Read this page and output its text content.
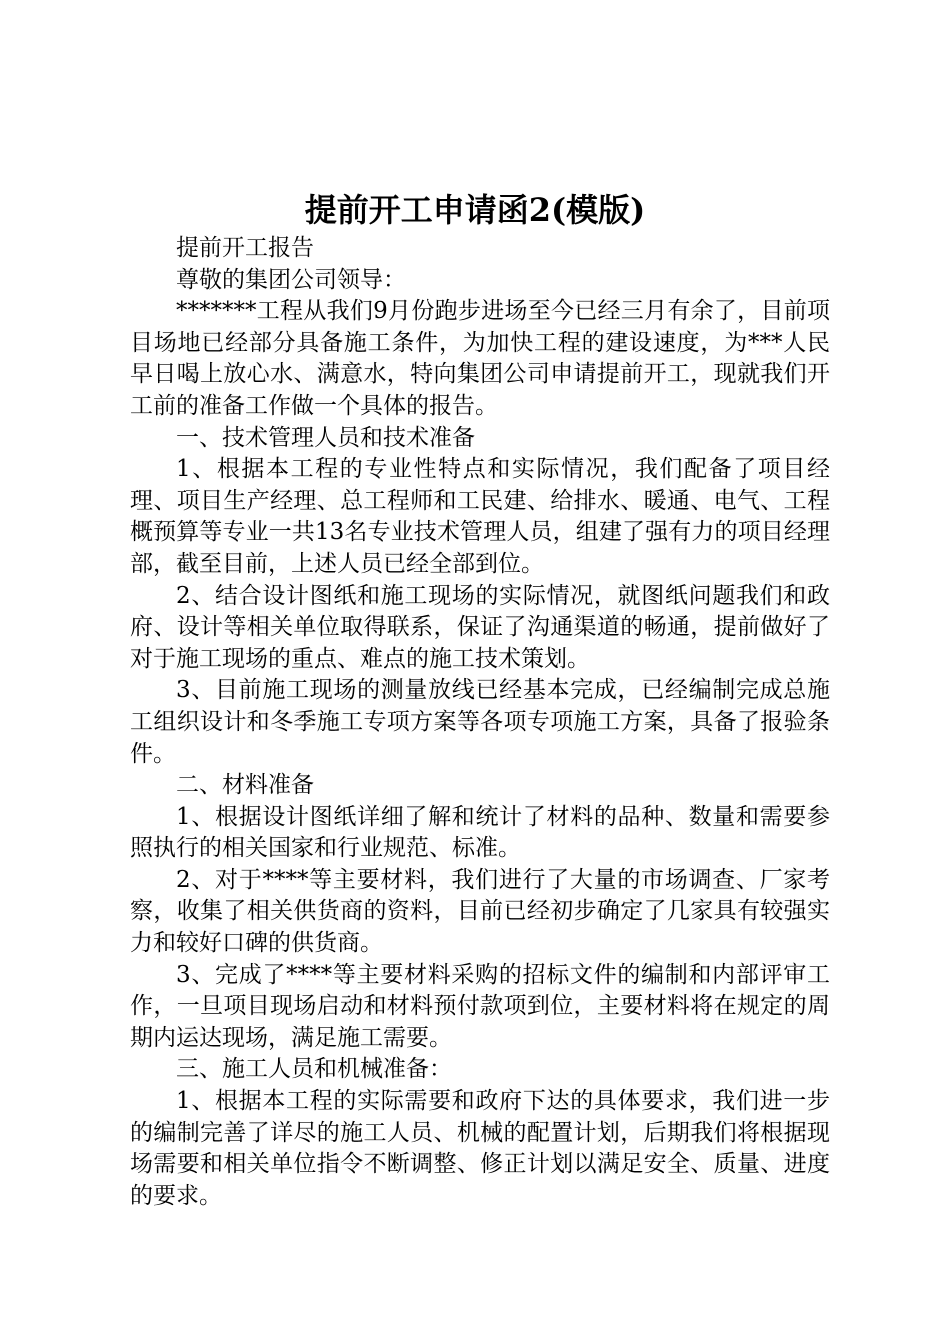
提前开工申请函2(模版)

提前开工报告

尊敬的集团公司领导：

*******工程从我们9月份跑步进场至今已经三月有余了，目前项目场地已经部分具备施工条件，为加快工程的建设速度，为***人民早日喝上放心水、满意水，特向集团公司申请提前开工，现就我们开工前的准备工作做一个具体的报告。

一、技术管理人员和技术准备

1、根据本工程的专业性特点和实际情况，我们配备了项目经理、项目生产经理、总工程师和工民建、给排水、暖通、电气、工程概预算等专业一共13名专业技术管理人员，组建了强有力的项目经理部，截至目前，上述人员已经全部到位。

2、结合设计图纸和施工现场的实际情况，就图纸问题我们和政府、设计等相关单位取得联系，保证了沟通渠道的畅通，提前做好了对于施工现场的重点、难点的施工技术策划。

3、目前施工现场的测量放线已经基本完成，已经编制完成总施工组织设计和冬季施工专项方案等各项专项施工方案，具备了报验条件。

二、材料准备

1、根据设计图纸详细了解和统计了材料的品种、数量和需要参照执行的相关国家和行业规范、标准。

2、对于****等主要材料，我们进行了大量的市场调查、厂家考察，收集了相关供货商的资料，目前已经初步确定了几家具有较强实力和较好口碑的供货商。

3、完成了****等主要材料采购的招标文件的编制和内部评审工作，一旦项目现场启动和材料预付款项到位，主要材料将在规定的周期内运达现场，满足施工需要。

三、施工人员和机械准备：

1、根据本工程的实际需要和政府下达的具体要求，我们进一步的编制完善了详尽的施工人员、机械的配置计划，后期我们将根据现场需要和相关单位指令不断调整、修正计划以满足安全、质量、进度的要求。
